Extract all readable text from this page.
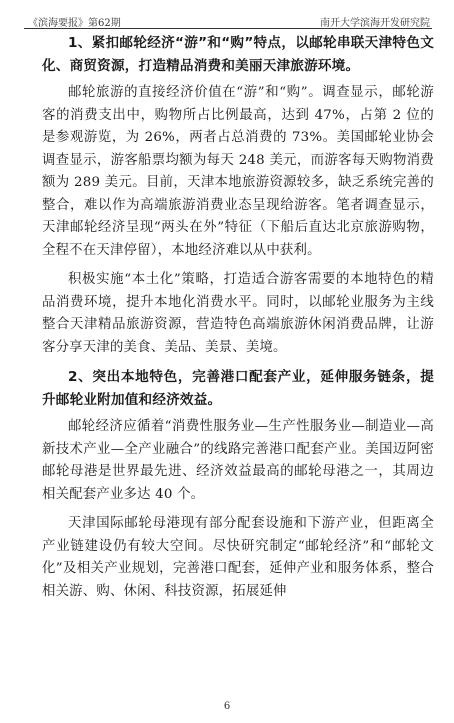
《滨海要报》第62期	南开大学滨海开发研究院

1、紧扣邮轮经济“游”和“购”特点，以邮轮串联天津特色文化、商贸资源，打造精品消费和美丽天津旅游环境。

邮轮旅游的直接经济价值在“游”和“购”。调查显示，邮轮游客的消费支出中，购物所占比例最高，达到 47%，占第 2 位的是参观游览，为 26%，两者占总消费的 73%。美国邮轮业协会调查显示，游客船票均额为每天 248 美元，而游客每天购物消费额为 289 美元。目前，天津本地旅游资源较多，缺乏系统完善的整合，难以作为高端旅游消费业态呈现给游客。笔者调查显示，天津邮轮经济呈现“两头在外”特征（下船后直达北京旅游购物，全程不在天津停留），本地经济难以从中获利。

积极实施“本土化”策略，打造适合游客需要的本地特色的精品消费环境，提升本地化消费水平。同时，以邮轮业服务为主线整合天津精品旅游资源，营造特色高端旅游休闲消费品牌，让游客分享天津的美食、美品、美景、美境。

2、突出本地特色，完善港口配套产业，延伸服务链条，提升邮轮业附加值和经济效益。

邮轮经济应循着“消费性服务业—生产性服务业—制造业—高新技术产业—全产业融合”的线路完善港口配套产业。美国迈阿密邮轮母港是世界最先进、经济效益最高的邮轮母港之一，其周边相关配套产业多达 40 个。

天津国际邮轮母港现有部分配套设施和下游产业，但距离全产业链建设仍有较大空间。尽快研究制定“邮轮经济”和“邮轮文化”及相关产业规划，完善港口配套，延伸产业和服务体系，整合相关游、购、休闲、科技资源，拓展延伸

6
